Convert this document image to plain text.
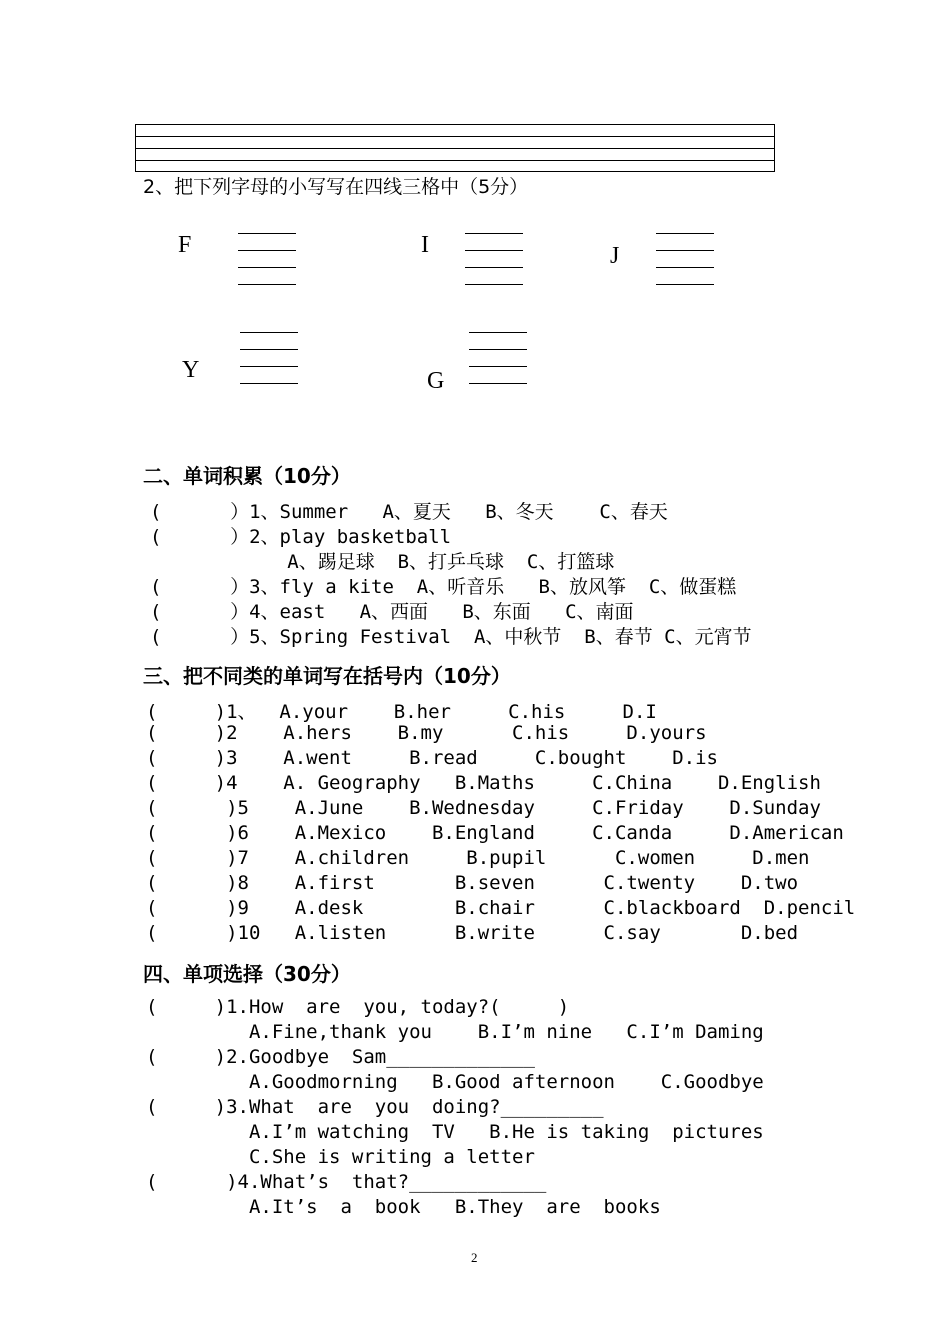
2、把下列字母的小写写在四线三格中（5分）
F	I	J
Y	G
二、单词积累（10分）
(      ）1、Summer   A、夏天   B、冬天    C、春天
(      ）2、play basketball
A、踢足球  B、打乒乓球  C、打篮球
(      ）3、fly a kite  A、听音乐   B、放风筝  C、做蛋糕
(      ）4、east   A、西面   B、东面   C、南面
(      ）5、Spring Festival  A、中秋节  B、春节 C、元宵节
三、把不同类的单词写在括号内（10分）
(     )1、  A.your    B.her     C.his     D.I
(     )2    A.hers    B.my      C.his     D.yours
(     )3    A.went     B.read     C.bought    D.is
(     )4    A. Geography   B.Maths     C.China    D.English
(      )5    A.June    B.Wednesday     C.Friday    D.Sunday
(      )6    A.Mexico    B.England     C.Canda     D.American
(      )7    A.children     B.pupil      C.women     D.men
(      )8    A.first       B.seven      C.twenty    D.two
(      )9    A.desk        B.chair      C.blackboard  D.pencil
(      )10   A.listen      B.write      C.say       D.bed
四、单项选择（30分）
(     )1.How  are  you, today?(     )
A.Fine,thank you    B.I’m nine   C.I’m Daming
(     )2.Goodbye  Sam_____________
A.Goodmorning   B.Good afternoon    C.Goodbye
(     )3.What  are  you  doing?_________
A.I’m watching  TV   B.He is taking  pictures
C.She is writing a letter
(      )4.What’s  that?____________
A.It’s  a  book   B.They  are  books
2
